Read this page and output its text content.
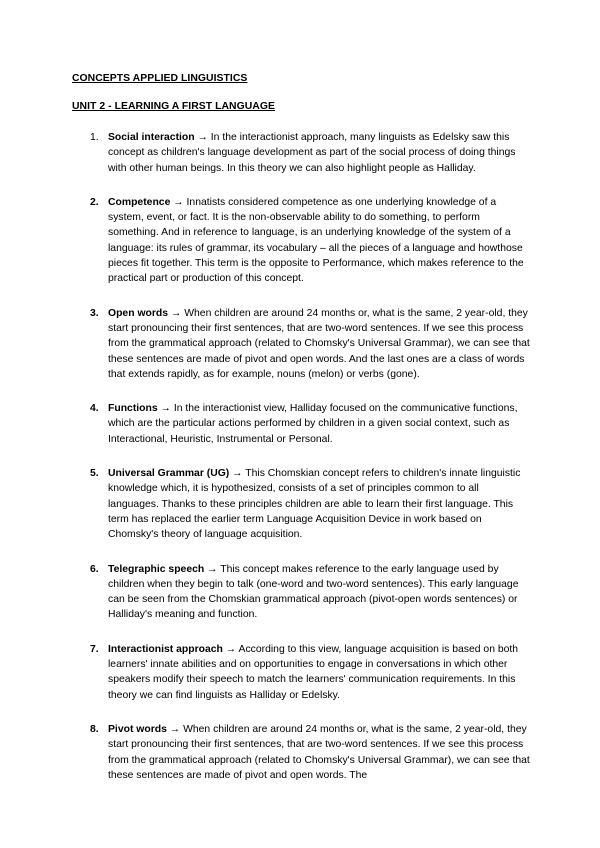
CONCEPTS APPLIED LINGUISTICS
UNIT 2 - LEARNING A FIRST LANGUAGE
1. Social interaction → In the interactionist approach, many linguists as Edelsky saw this concept as children's language development as part of the social process of doing things with other human beings. In this theory we can also highlight people as Halliday.
2. Competence → Innatists considered competence as one underlying knowledge of a system, event, or fact. It is the non-observable ability to do something, to perform something. And in reference to language, is an underlying knowledge of the system of a language: its rules of grammar, its vocabulary – all the pieces of a language and howthose pieces fit together. This term is the opposite to Performance, which makes reference to the practical part or production of this concept.
3. Open words → When children are around 24 months or, what is the same, 2 year-old, they start pronouncing their first sentences, that are two-word sentences. If we see this process from the grammatical approach (related to Chomsky's Universal Grammar), we can see that these sentences are made of pivot and open words. And the last ones are a class of words that extends rapidly, as for example, nouns (melon) or verbs (gone).
4. Functions → In the interactionist view, Halliday focused on the communicative functions, which are the particular actions performed by children in a given social context, such as Interactional, Heuristic, Instrumental or Personal.
5. Universal Grammar (UG) → This Chomskian concept refers to children's innate linguistic knowledge which, it is hypothesized, consists of a set of principles common to all languages. Thanks to these principles children are able to learn their first language. This term has replaced the earlier term Language Acquisition Device in work based on Chomsky's theory of language acquisition.
6. Telegraphic speech → This concept makes reference to the early language used by children when they begin to talk (one-word and two-word sentences). This early language can be seen from the Chomskian grammatical approach (pivot-open words sentences) or Halliday's meaning and function.
7. Interactionist approach → According to this view, language acquisition is based on both learners' innate abilities and on opportunities to engage in conversations in which other speakers modify their speech to match the learners' communication requirements. In this theory we can find linguists as Halliday or Edelsky.
8. Pivot words → When children are around 24 months or, what is the same, 2 year-old, they start pronouncing their first sentences, that are two-word sentences. If we see this process from the grammatical approach (related to Chomsky's Universal Grammar), we can see that these sentences are made of pivot and open words. The
